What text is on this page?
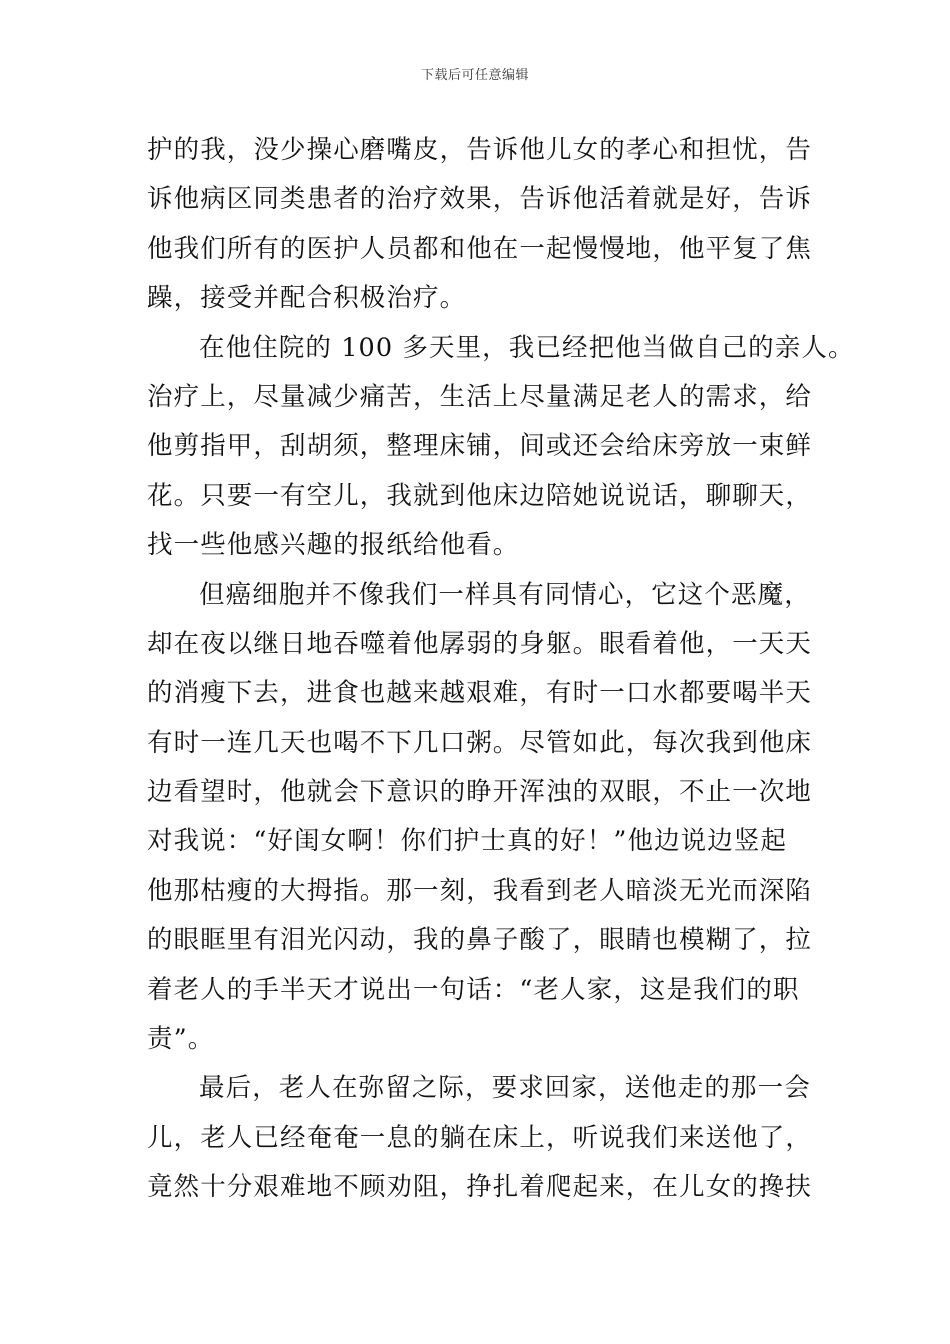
下载后可任意编辑
护的我，没少操心磨嘴皮，告诉他儿女的孝心和担忧，告
诉他病区同类患者的治疗效果，告诉他活着就是好，告诉
他我们所有的医护人员都和他在一起慢慢地，他平复了焦
躁，接受并配合积极治疗。
在他住院的 100 多天里，我已经把他当做自己的亲人。
治疗上，尽量减少痛苦，生活上尽量满足老人的需求，给
他剪指甲，刮胡须，整理床铺，间或还会给床旁放一束鲜
花。只要一有空儿，我就到他床边陪她说说话，聊聊天，
找一些他感兴趣的报纸给他看。
但癌细胞并不像我们一样具有同情心，它这个恶魔，
却在夜以继日地吞噬着他孱弱的身躯。眼看着他，一天天
的消瘦下去，进食也越来越艰难，有时一口水都要喝半天
有时一连几天也喝不下几口粥。尽管如此，每次我到他床
边看望时，他就会下意识的睁开浑浊的双眼，不止一次地
对我说：“好闺女啊！你们护士真的好！”他边说边竖起
他那枯瘦的大拇指。那一刻，我看到老人暗淡无光而深陷
的眼眶里有泪光闪动，我的鼻子酸了，眼睛也模糊了，拉
着老人的手半天才说出一句话：“老人家，这是我们的职
责”。
最后，老人在弥留之际，要求回家，送他走的那一会
儿，老人已经奄奄一息的躺在床上，听说我们来送他了，
竟然十分艰难地不顾劝阻，挣扎着爬起来，在儿女的搀扶
